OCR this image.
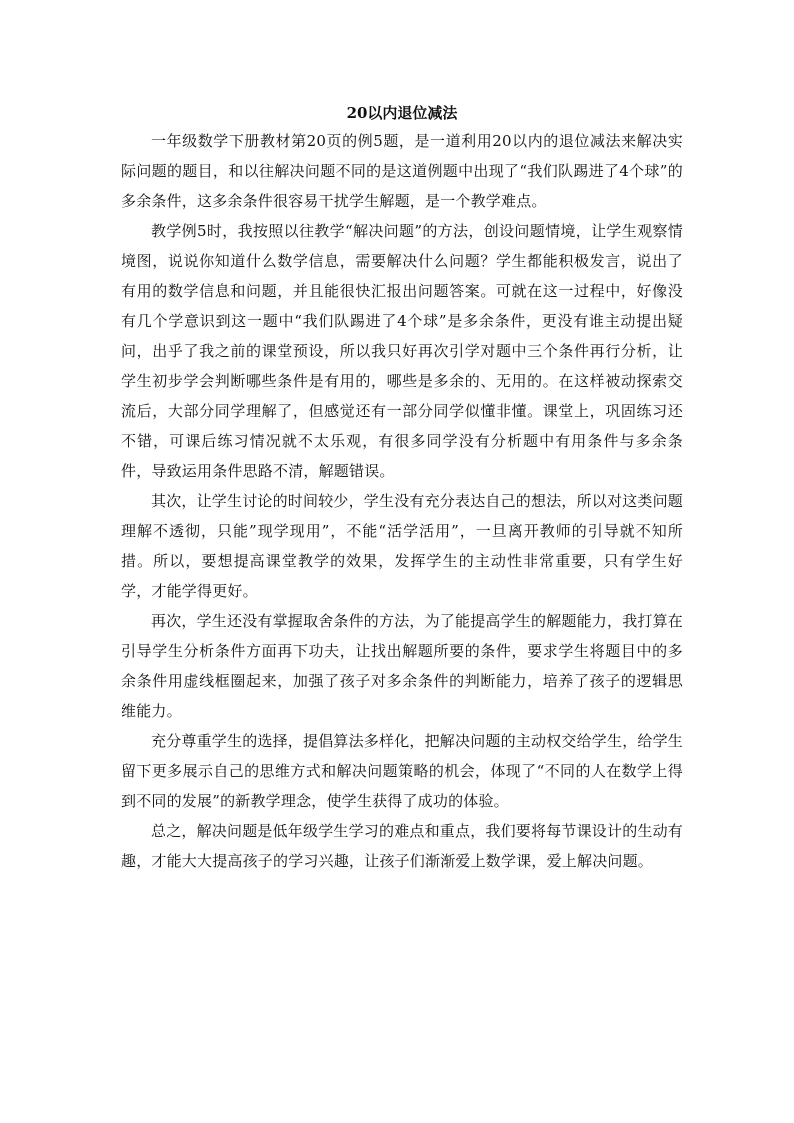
20以内退位减法

一年级数学下册教材第20页的例5题，是一道利用20以内的退位减法来解决实际问题的题目，和以往解决问题不同的是这道例题中出现了“我们队踢进了4个球”的多余条件，这多余条件很容易干扰学生解题，是一个教学难点。

教学例5时，我按照以往教学“解决问题”的方法，创设问题情境，让学生观察情境图，说说你知道什么数学信息，需要解决什么问题？学生都能积极发言，说出了有用的数学信息和问题，并且能很快汇报出问题答案。可就在这一过程中，好像没有几个学意识到这一题中“我们队踢进了4个球”是多余条件，更没有谁主动提出疑问，出乎了我之前的课堂预设，所以我只好再次引学对题中三个条件再行分析，让学生初步学会判断哪些条件是有用的，哪些是多余的、无用的。在这样被动探索交流后，大部分同学理解了，但感觉还有一部分同学似懂非懂。课堂上，巩固练习还不错，可课后练习情况就不太乐观，有很多同学没有分析题中有用条件与多余条件，导致运用条件思路不清，解题错误。

其次，让学生讨论的时间较少，学生没有充分表达自己的想法，所以对这类问题理解不透彻，只能”现学现用”，不能“活学活用”，一旦离开教师的引导就不知所措。所以，要想提高课堂教学的效果，发挥学生的主动性非常重要，只有学生好学，才能学得更好。

再次，学生还没有掌握取舍条件的方法，为了能提高学生的解题能力，我打算在引导学生分析条件方面再下功夫，让找出解题所要的条件，要求学生将题目中的多余条件用虚线框圈起来，加强了孩子对多余条件的判断能力，培养了孩子的逻辑思维能力。

充分尊重学生的选择，提倡算法多样化，把解决问题的主动权交给学生，给学生留下更多展示自己的思维方式和解决问题策略的机会，体现了“不同的人在数学上得到不同的发展”的新教学理念，使学生获得了成功的体验。

总之，解决问题是低年级学生学习的难点和重点，我们要将每节课设计的生动有趣，才能大大提高孩子的学习兴趣，让孩子们渐渐爱上数学课，爱上解决问题。
